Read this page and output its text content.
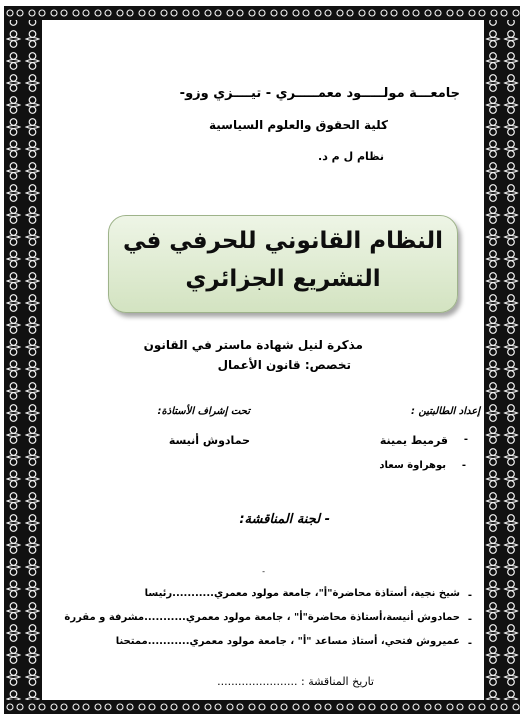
جامعـــة مولـــــود معمـــــري - تيــــزي وزو-
كلية الحقوق والعلوم السياسية
نظام ل م د.
النظام القانوني للحرفي في
التشريع الجزائري
مذكرة لنيل شهادة ماستر في القانون
تخصص: قانون الأعمال
إعداد الطالبتين :
تحت إشراف الأستاذة:
-
قرميط يمينة
حمادوش أنيسة
-
بوهراوة سعاد
- لجنة المناقشة:
-
-
شيخ نجية، أستاذة محاضرة"أ"، جامعة مولود معمري...........رئيسا
-
حمادوش أنيسة،أستاذة محاضرة"أ" ، جامعة مولود معمري...........مشرفة و مقررة
-
عميروش فتحي، أستاذ مساعد "أ" ، جامعة مولود معمري...........ممتحنا
تاريخ المناقشة : .......................
